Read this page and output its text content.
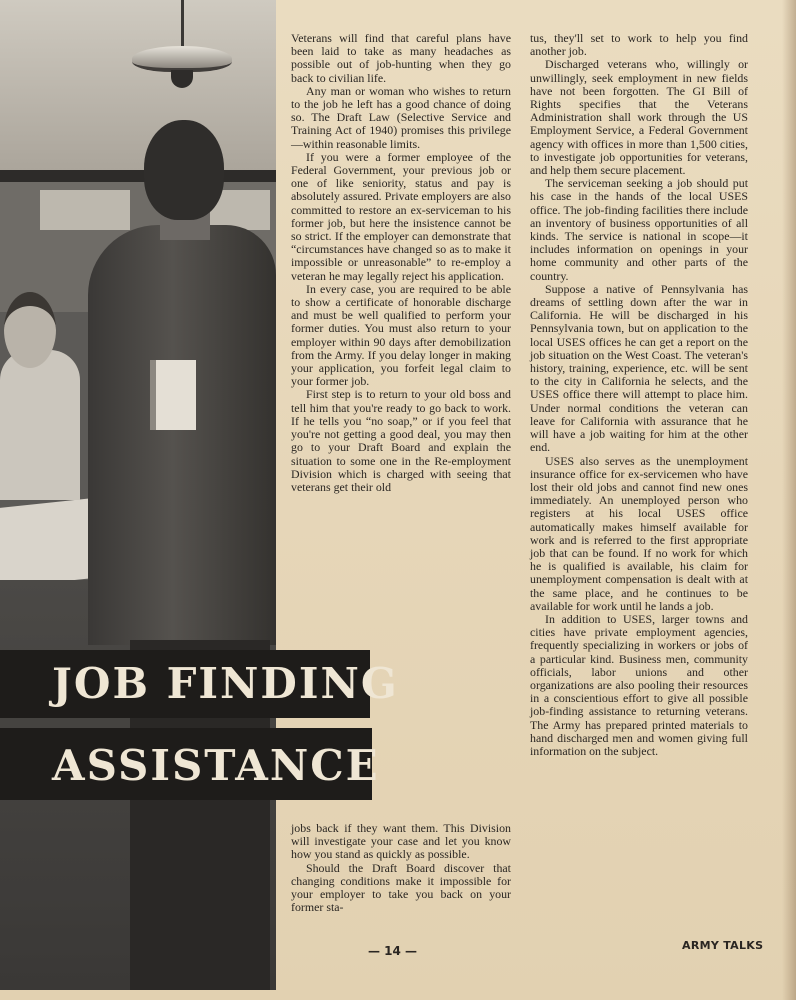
JOB FINDING
ASSISTANCE

Veterans will find that careful plans have been laid to take as many headaches as possible out of job-hunting when they go back to civilian life.

Any man or woman who wishes to return to the job he left has a good chance of doing so. The Draft Law (Selective Service and Training Act of 1940) promises this privilege—within reasonable limits.

If you were a former employee of the Federal Government, your previous job or one of like seniority, status and pay is absolutely assured. Private employers are also committed to restore an ex-serviceman to his former job, but here the insistence cannot be so strict. If the employer can demonstrate that “circumstances have changed so as to make it impossible or unreasonable” to re-employ a veteran he may legally reject his application.

In every case, you are required to be able to show a certificate of honorable discharge and must be well qualified to perform your former duties. You must also return to your employer within 90 days after demobilization from the Army. If you delay longer in making your application, you forfeit legal claim to your former job.

First step is to return to your old boss and tell him that you're ready to go back to work. If he tells you “no soap,” or if you feel that you're not getting a good deal, you may then go to your Draft Board and explain the situation to some one in the Re-employment Division which is charged with seeing that veterans get their old

jobs back if they want them. This Division will investigate your case and let you know how you stand as quickly as possible.

Should the Draft Board discover that changing conditions make it impossible for your employer to take you back on your former sta-

tus, they'll set to work to help you find another job.

Discharged veterans who, willingly or unwillingly, seek employment in new fields have not been forgotten. The GI Bill of Rights specifies that the Veterans Administration shall work through the US Employment Service, a Federal Government agency with offices in more than 1,500 cities, to investigate job opportunities for veterans, and help them secure placement.

The serviceman seeking a job should put his case in the hands of the local USES office. The job-finding facilities there include an inventory of business opportunities of all kinds. The service is national in scope—it includes information on openings in your home community and other parts of the country.

Suppose a native of Pennsylvania has dreams of settling down after the war in California. He will be discharged in his Pennsylvania town, but on application to the local USES offices he can get a report on the job situation on the West Coast. The veteran's history, training, experience, etc. will be sent to the city in California he selects, and the USES office there will attempt to place him. Under normal conditions the veteran can leave for California with assurance that he will have a job waiting for him at the other end.

USES also serves as the unemployment insurance office for ex-servicemen who have lost their old jobs and cannot find new ones immediately. An unemployed person who registers at his local USES office automatically makes himself available for work and is referred to the first appropriate job that can be found. If no work for which he is qualified is available, his claim for unemployment compensation is dealt with at the same place, and he continues to be available for work until he lands a job.

In addition to USES, larger towns and cities have private employment agencies, frequently specializing in workers or jobs of a particular kind. Business men, community officials, labor unions and other organizations are also pooling their resources in a conscientious effort to give all possible job-finding assistance to returning veterans. The Army has prepared printed materials to hand discharged men and women giving full information on the subject.

— 14 —	ARMY TALKS
